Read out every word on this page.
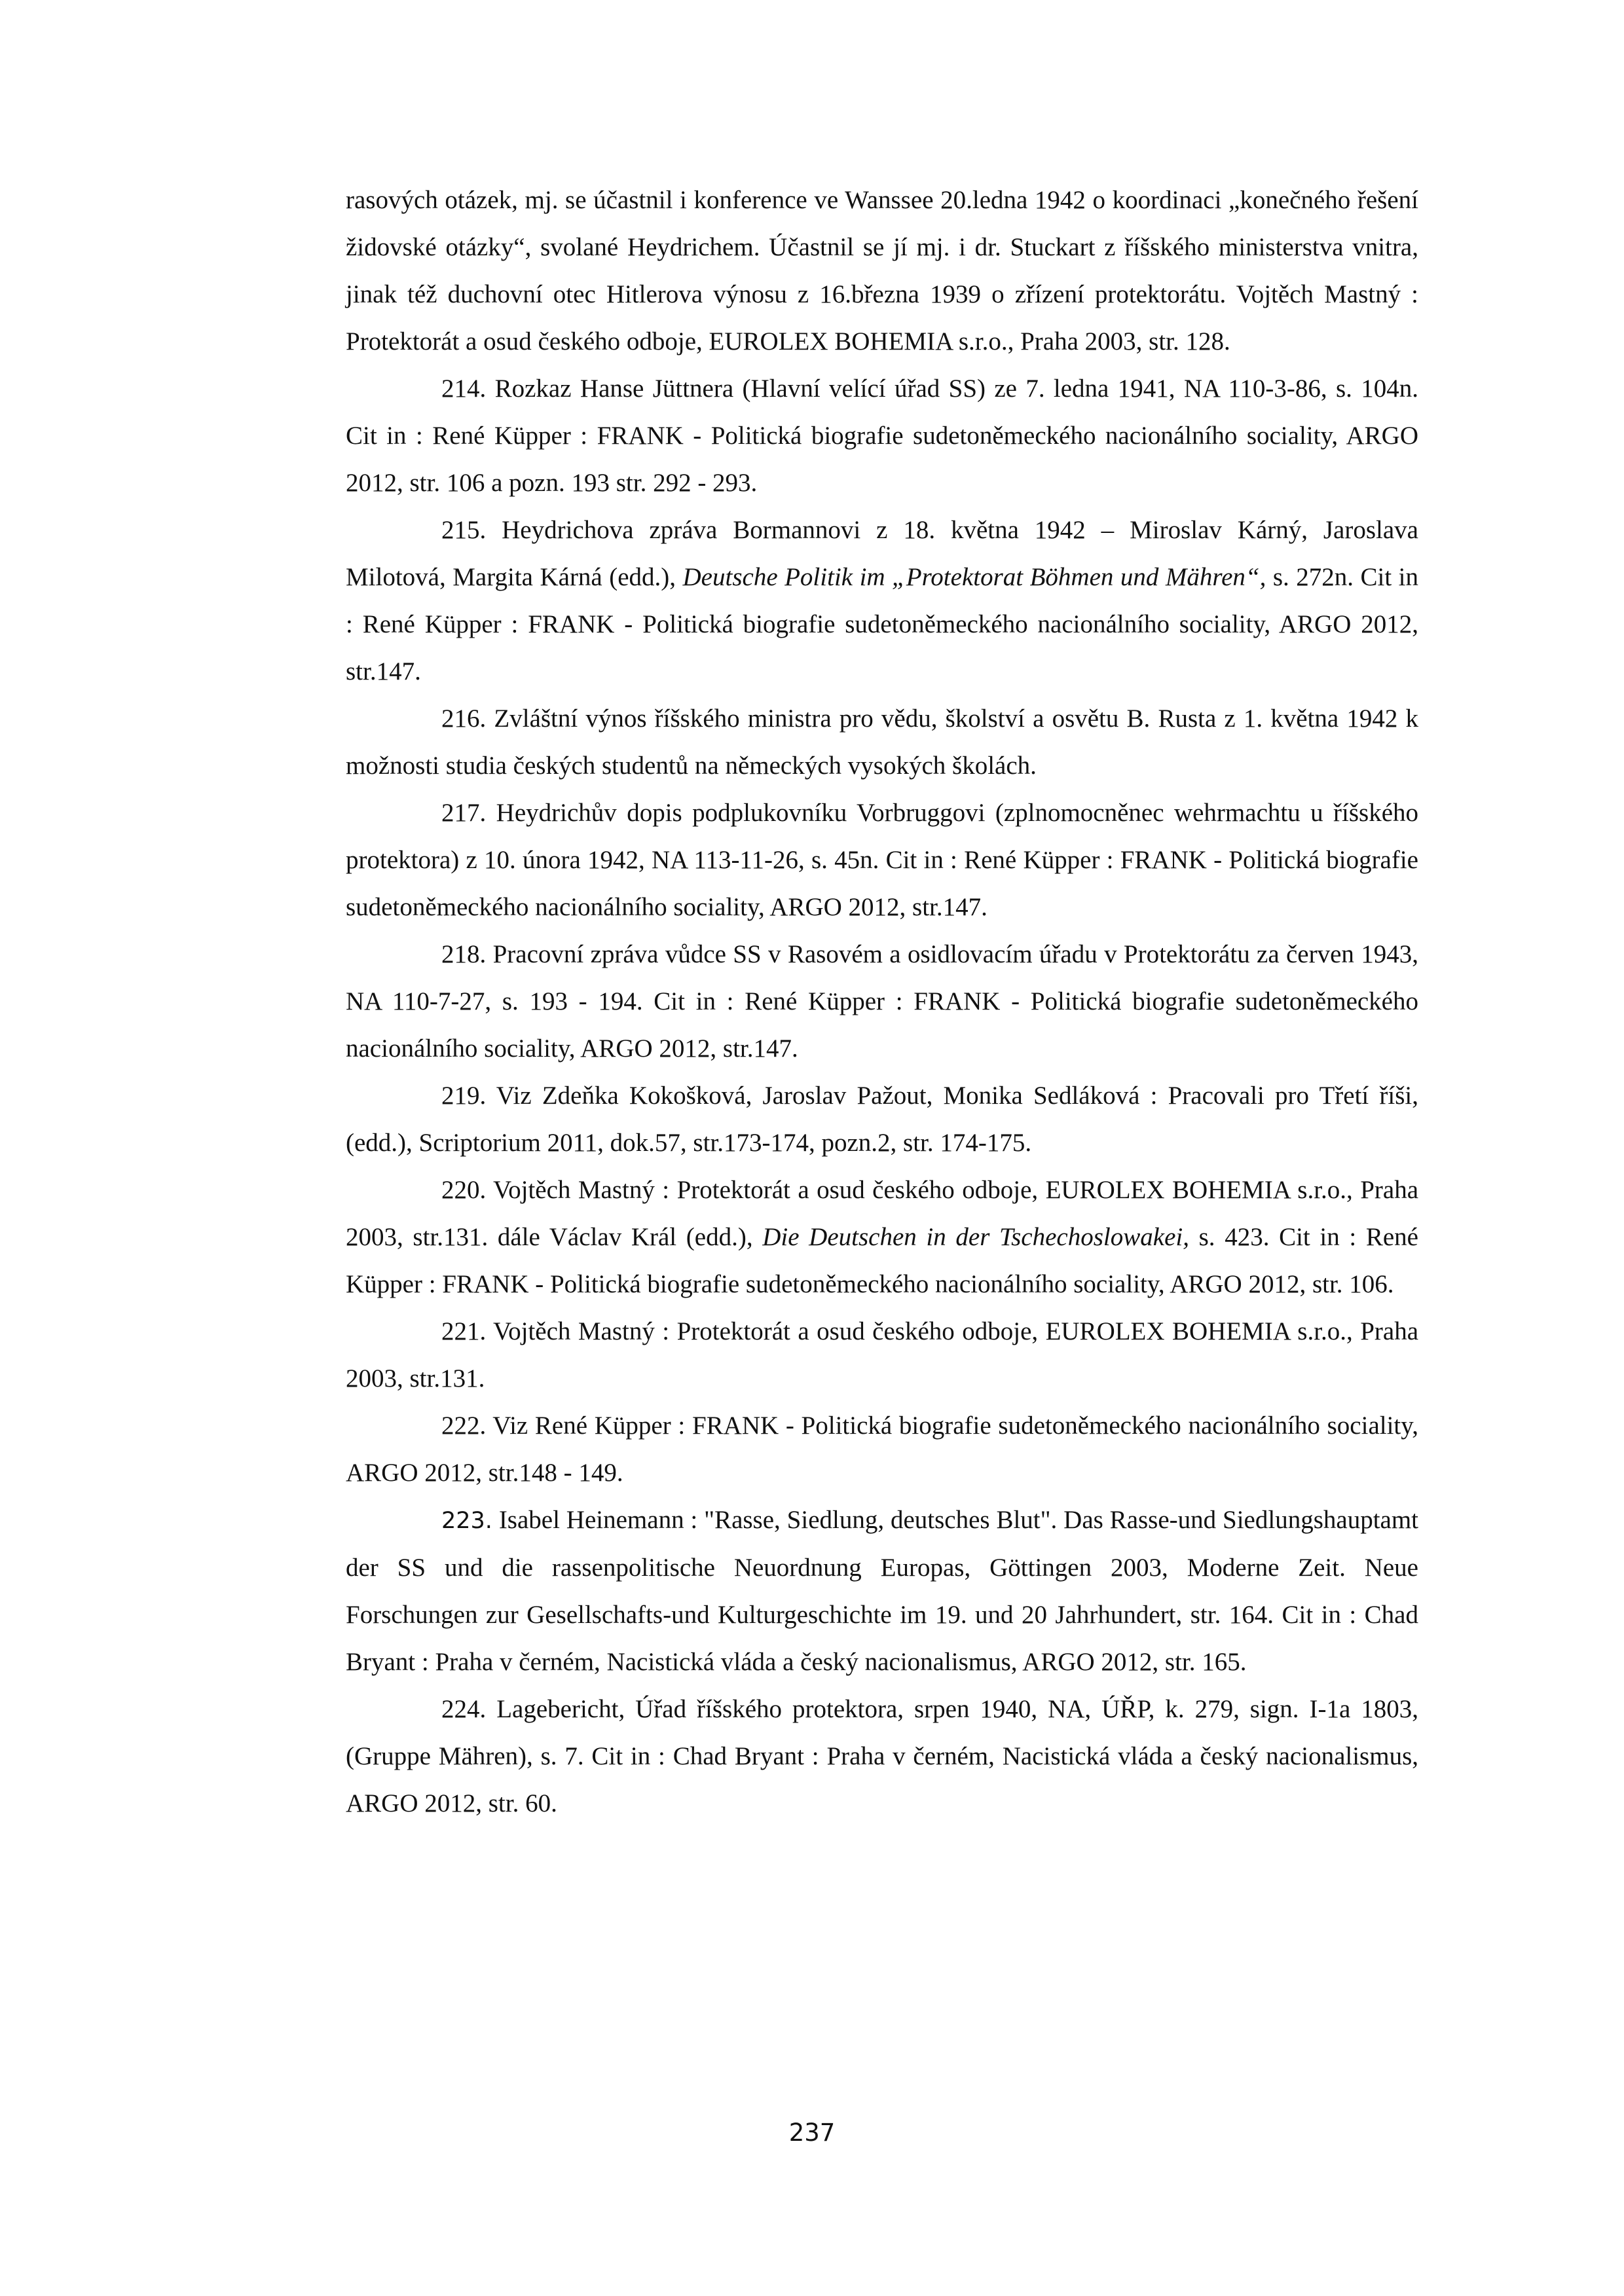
rasových otázek, mj. se účastnil i konference ve Wanssee 20.ledna 1942 o koordinaci „konečného řešení židovské otázky“, svolané Heydrichem. Účastnil se jí mj. i dr. Stuckart z říšského ministerstva vnitra, jinak též duchovní otec Hitlerova výnosu z 16.března 1939 o zřízení protektorátu. Vojtěch Mastný : Protektorát a osud českého odboje, EUROLEX BOHEMIA s.r.o., Praha 2003, str. 128.

214. Rozkaz Hanse Jüttnera (Hlavní velící úřad SS) ze 7. ledna 1941, NA 110-3-86, s. 104n. Cit in : René Küpper : FRANK - Politická biografie sudetoněmeckého nacionálního sociality, ARGO 2012, str. 106 a pozn. 193 str. 292 - 293.

215. Heydrichova zpráva Bormannovi z 18. května 1942 – Miroslav Kárný, Jaroslava Milotová, Margita Kárná (edd.), Deutsche Politik im „Protektorat Böhmen und Mähren“, s. 272n. Cit in : René Küpper : FRANK - Politická biografie sudetoněmeckého nacionálního sociality, ARGO 2012, str.147.

216. Zvláštní výnos říšského ministra pro vědu, školství a osvětu B. Rusta z 1. května 1942 k možnosti studia českých studentů na německých vysokých školách.

217. Heydrichův dopis podplukovníku Vorbruggovi (zplnomocněnec wehrmachtu u říšského protektora) z 10. února 1942, NA 113-11-26, s. 45n. Cit in : René Küpper : FRANK - Politická biografie sudetoněmeckého nacionálního sociality, ARGO 2012, str.147.

218. Pracovní zpráva vůdce SS v Rasovém a osidlovacím úřadu v Protektorátu za červen 1943, NA 110-7-27, s. 193 - 194. Cit in : René Küpper : FRANK - Politická biografie sudetoněmeckého nacionálního sociality, ARGO 2012, str.147.

219. Viz Zdeňka Kokošková, Jaroslav Pažout, Monika Sedláková : Pracovali pro Třetí říši, (edd.), Scriptorium 2011, dok.57, str.173-174, pozn.2, str. 174-175.

220. Vojtěch Mastný : Protektorát a osud českého odboje, EUROLEX BOHEMIA s.r.o., Praha 2003, str.131. dále Václav Král (edd.), Die Deutschen in der Tschechoslowakei, s. 423. Cit in : René Küpper : FRANK - Politická biografie sudetoněmeckého nacionálního sociality, ARGO 2012, str. 106.

221. Vojtěch Mastný : Protektorát a osud českého odboje, EUROLEX BOHEMIA s.r.o., Praha 2003, str.131.

222. Viz René Küpper : FRANK - Politická biografie sudetoněmeckého nacionálního sociality, ARGO 2012, str.148 - 149.

223. Isabel Heinemann : "Rasse, Siedlung, deutsches Blut". Das Rasse-und Siedlungshauptamt der SS und die rassenpolitische Neuordnung Europas, Göttingen 2003, Moderne Zeit. Neue Forschungen zur Gesellschafts-und Kulturgeschichte im 19. und 20 Jahrhundert, str. 164. Cit in : Chad Bryant : Praha v černém, Nacistická vláda a český nacionalismus, ARGO 2012, str. 165.

224. Lagebericht, Úřad říšského protektora, srpen 1940, NA, ÚŘP, k. 279, sign. I-1a 1803, (Gruppe Mähren), s. 7. Cit in : Chad Bryant : Praha v černém, Nacistická vláda a český nacionalismus, ARGO 2012, str. 60.

237
